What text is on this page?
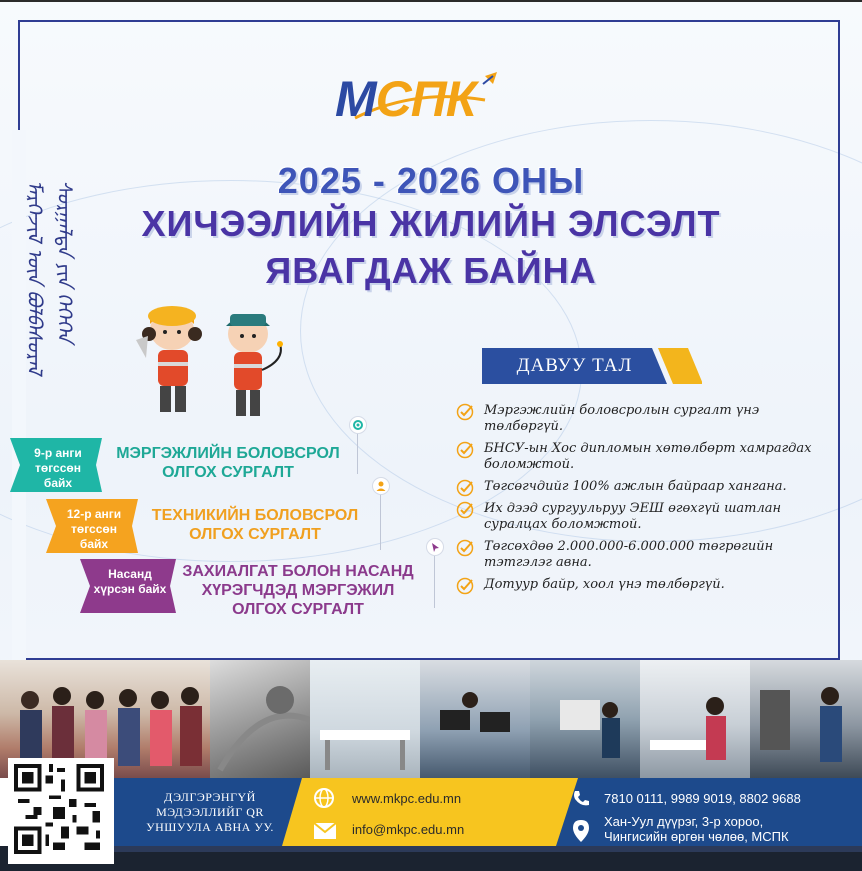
МСПК
2025 - 2026 ОНЫ
ХИЧЭЭЛИЙН ЖИЛИЙН ЭЛСЭЛТ
ЯВАГДАЖ БАЙНА
ᠮᠡᠷᠭᠡᠵᠢᠯ ᠦᠨ ᠪᠣᠯᠪᠠᠰᠤᠷᠠᠯ ᠰᠤᠷᠭᠠᠯᠲᠠ ᠶᠢᠨ ᠬᠡᠭᠡᠬᠡᠨ
ДАВУУ ТАЛ
Мэргэжлийн боловсролын сургалт үнэ төлбөргүй.
БНСУ-ын Хос дипломын хөтөлбөрт хамрагдах боломжтой.
Төгсөгчдийг 100% ажлын байраар хангана.
Их дээд сургуульруу ЭЕШ өгөхгүй шатлан суралцах боломжтой.
Төгсөхдөө 2.000.000-6.000.000 төгрөгийн тэтгэлэг авна.
Дотуур байр, хоол үнэ төлбөргүй.
9-р анги
төгссөн байх
МЭРГЭЖЛИЙН БОЛОВСРОЛ
ОЛГОХ СУРГАЛТ
12-р анги
төгссөн байх
ТЕХНИКИЙН БОЛОВСРОЛ
ОЛГОХ СУРГАЛТ
Насанд
хүрсэн байх
ЗАХИАЛГАТ БОЛОН НАСАНД
ХҮРЭГЧДЭД МЭРГЭЖИЛ
ОЛГОХ СУРГАЛТ
ДЭЛГЭРЭНГҮЙ
МЭДЭЭЛЛИЙГ QR
УНШУУЛА АВНА УУ.
www.mkpc.edu.mn
info@mkpc.edu.mn
7810 0111, 9989 9019, 8802 9688
Хан-Уул дүүрэг, 3-р хороо,
Чингисийн өргөн чөлөө, МСПК
